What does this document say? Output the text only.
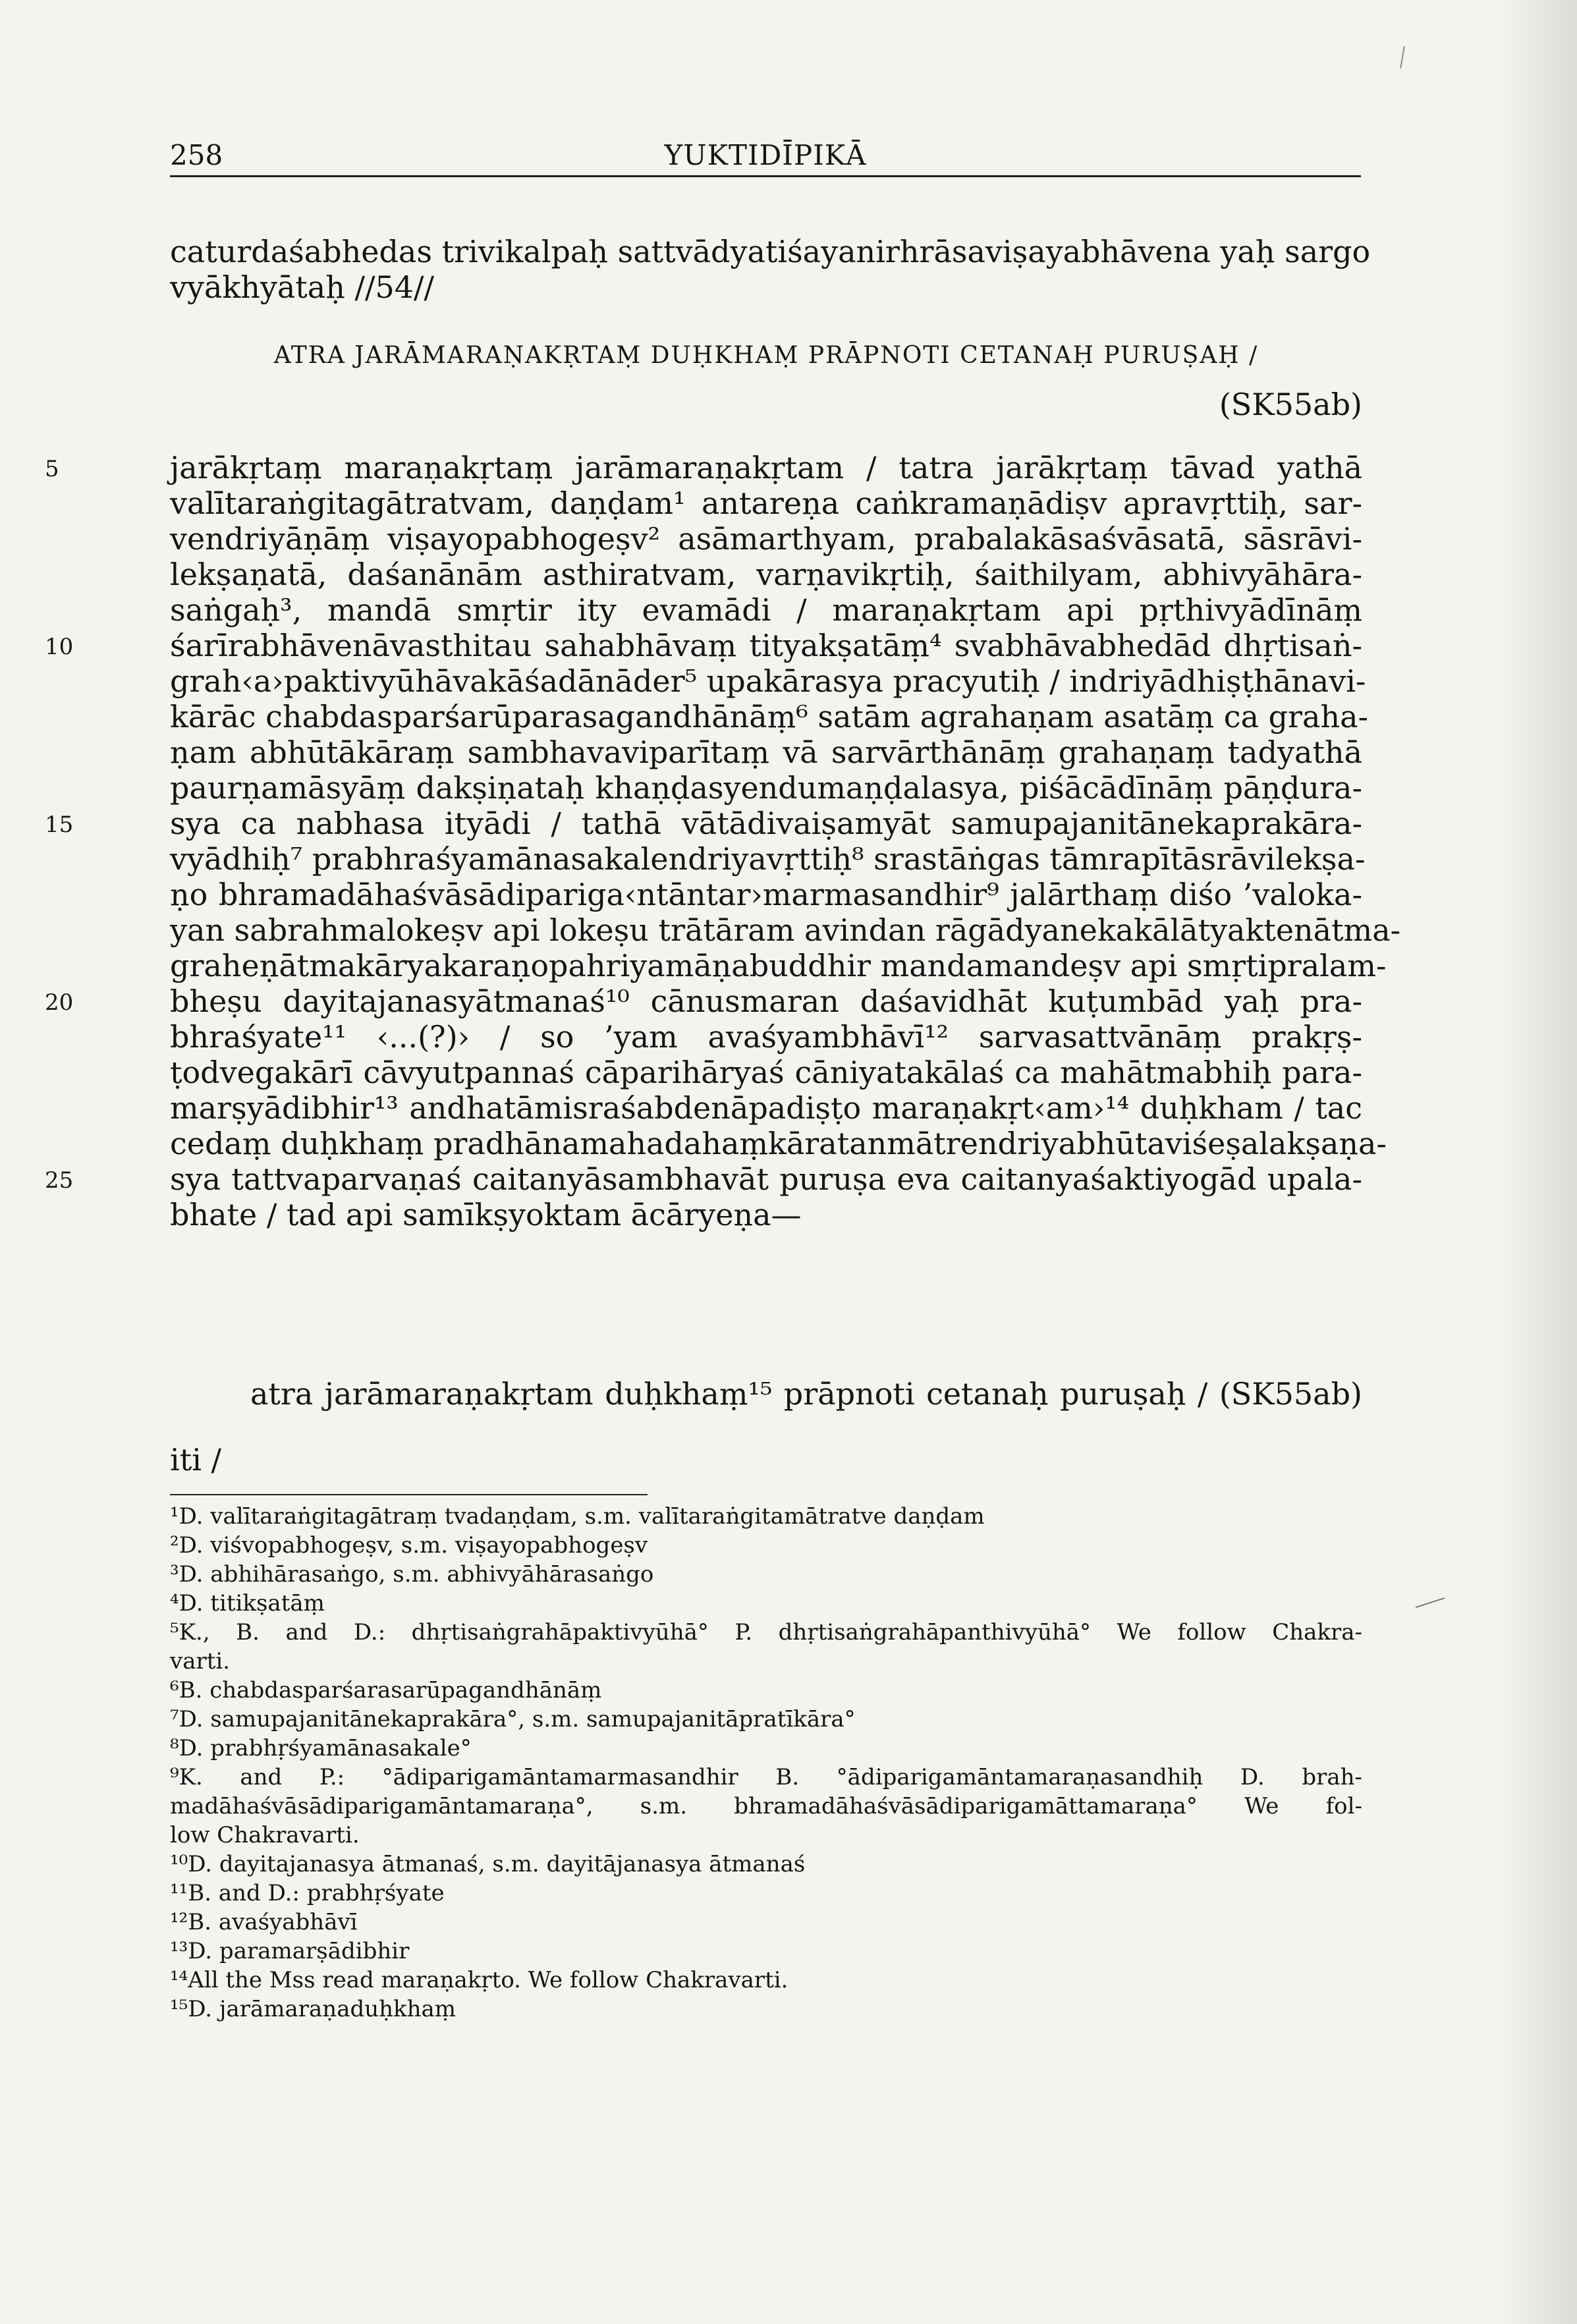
258	YUKTIDĪPIKĀ
caturdaśabhedas trivikalpaḥ sattvādyatiśayanirhrāsaviṣayabhāvena yaḥ sargo
vyākhyātaḥ //54//
ATRA JARĀMARAṆAKṚTAṂ DUḤKHAṂ PRĀPNOTI CETANAḤ PURUṢAḤ /
(SK55ab)
5	jarākṛtaṃ maraṇakṛtaṃ jarāmaraṇakṛtam / tatra jarākṛtaṃ tāvad yathā
valītaraṅgitagātratvam, daṇḍam¹ antareṇa caṅkramaṇādiṣv apravṛttiḥ, sar-
vendriyāṇāṃ viṣayopabhogeṣv² asāmarthyam, prabalakāsaśvāsatā, sāsrāvi-
lekṣaṇatā, daśanānām asthiratvam, varṇavikṛtiḥ, śaithilyam, abhivyāhāra-
saṅgaḥ³, mandā smṛtir ity evamādi / maraṇakṛtam api pṛthivyādīnāṃ
10	śarīrabhāvenāvasthitau sahabhāvaṃ tityakṣatāṃ⁴ svabhāvabhedād dhṛtisaṅ-
grah‹a›paktivyūhāvakāśadānāder⁵ upakārasya pracyutiḥ / indriyādhiṣṭhānavi-
kārāc chabdasparśarūparasagandhānāṃ⁶ satām agrahaṇam asatāṃ ca graha-
ṇam abhūtākāraṃ sambhavaviparītaṃ vā sarvārthānāṃ grahaṇaṃ tadyathā
paurṇamāsyāṃ dakṣiṇataḥ khaṇḍasyendumaṇḍalasya, piśācādīnāṃ pāṇḍura-
15	sya ca nabhasa ityādi / tathā vātādivaiṣamyāt samupajanitānekaprakāra-
vyādhiḥ⁷ prabhraśyamānasakalendriyavṛttiḥ⁸ srastāṅgas tāmrapītāsrāvilekṣa-
ṇo bhramadāhaśvāsādipariga‹ntāntar›marmasandhir⁹ jalārthaṃ diśo ’valoka-
yan sabrahmalokeṣv api lokeṣu trātāram avindan rāgādyanekakālātyaktenātma-
graheṇātmakāryakaraṇopahriyamāṇabuddhir mandamandeṣv api smṛtipralam-
20	bheṣu dayitajanasyātmanaś¹⁰ cānusmaran daśavidhāt kuṭumbād yaḥ pra-
bhraśyate¹¹ ‹...(?)› / so ’yam avaśyambhāvī¹² sarvasattvānāṃ prakṛṣ-
ṭodvegakārī cāvyutpannaś cāparihāryaś cāniyatakālaś ca mahātmabhiḥ para-
marṣyādibhir¹³ andhatāmisraśabdenāpadiṣṭo maraṇakṛt‹am›¹⁴ duḥkham / tac
cedaṃ duḥkhaṃ pradhānamahadahaṃkāratanmātrendriyabhūtaviśeṣalakṣaṇa-
25	sya tattvaparvaṇaś caitanyāsambhavāt puruṣa eva caitanyaśaktiyogād upala-
bhate / tad api samīkṣyoktam ācāryeṇa—
atra jarāmaraṇakṛtam duḥkhaṃ¹⁵ prāpnoti cetanaḥ puruṣaḥ / (SK55ab)
iti /
¹D. valītaraṅgitagātraṃ tvadaṇḍam, s.m. valītaraṅgitamātratve daṇḍam
²D. viśvopabhogeṣv, s.m. viṣayopabhogeṣv
³D. abhihārasaṅgo, s.m. abhivyāhārasaṅgo
⁴D. titikṣatāṃ
⁵K., B. and D.: dhṛtisaṅgrahāpaktivyūhā° P. dhṛtisaṅgrahāpanthivyūhā° We follow Chakra-
varti.
⁶B. chabdasparśarasarūpagandhānāṃ
⁷D. samupajanitānekaprakāra°, s.m. samupajanitāpratīkāra°
⁸D. prabhṛśyamānasakale°
⁹K. and P.: °ādiparigamāntamarmasandhir B. °ādiparigamāntamaraṇasandhiḥ D. brah-
madāhaśvāsādiparigamāntamaraṇa°, s.m. bhramadāhaśvāsādiparigamāttamaraṇa° We fol-
low Chakravarti.
¹⁰D. dayitajanasya ātmanaś, s.m. dayitājanasya ātmanaś
¹¹B. and D.: prabhṛśyate
¹²B. avaśyabhāvī
¹³D. paramarṣādibhir
¹⁴All the Mss read maraṇakṛto. We follow Chakravarti.
¹⁵D. jarāmaraṇaduḥkhaṃ
